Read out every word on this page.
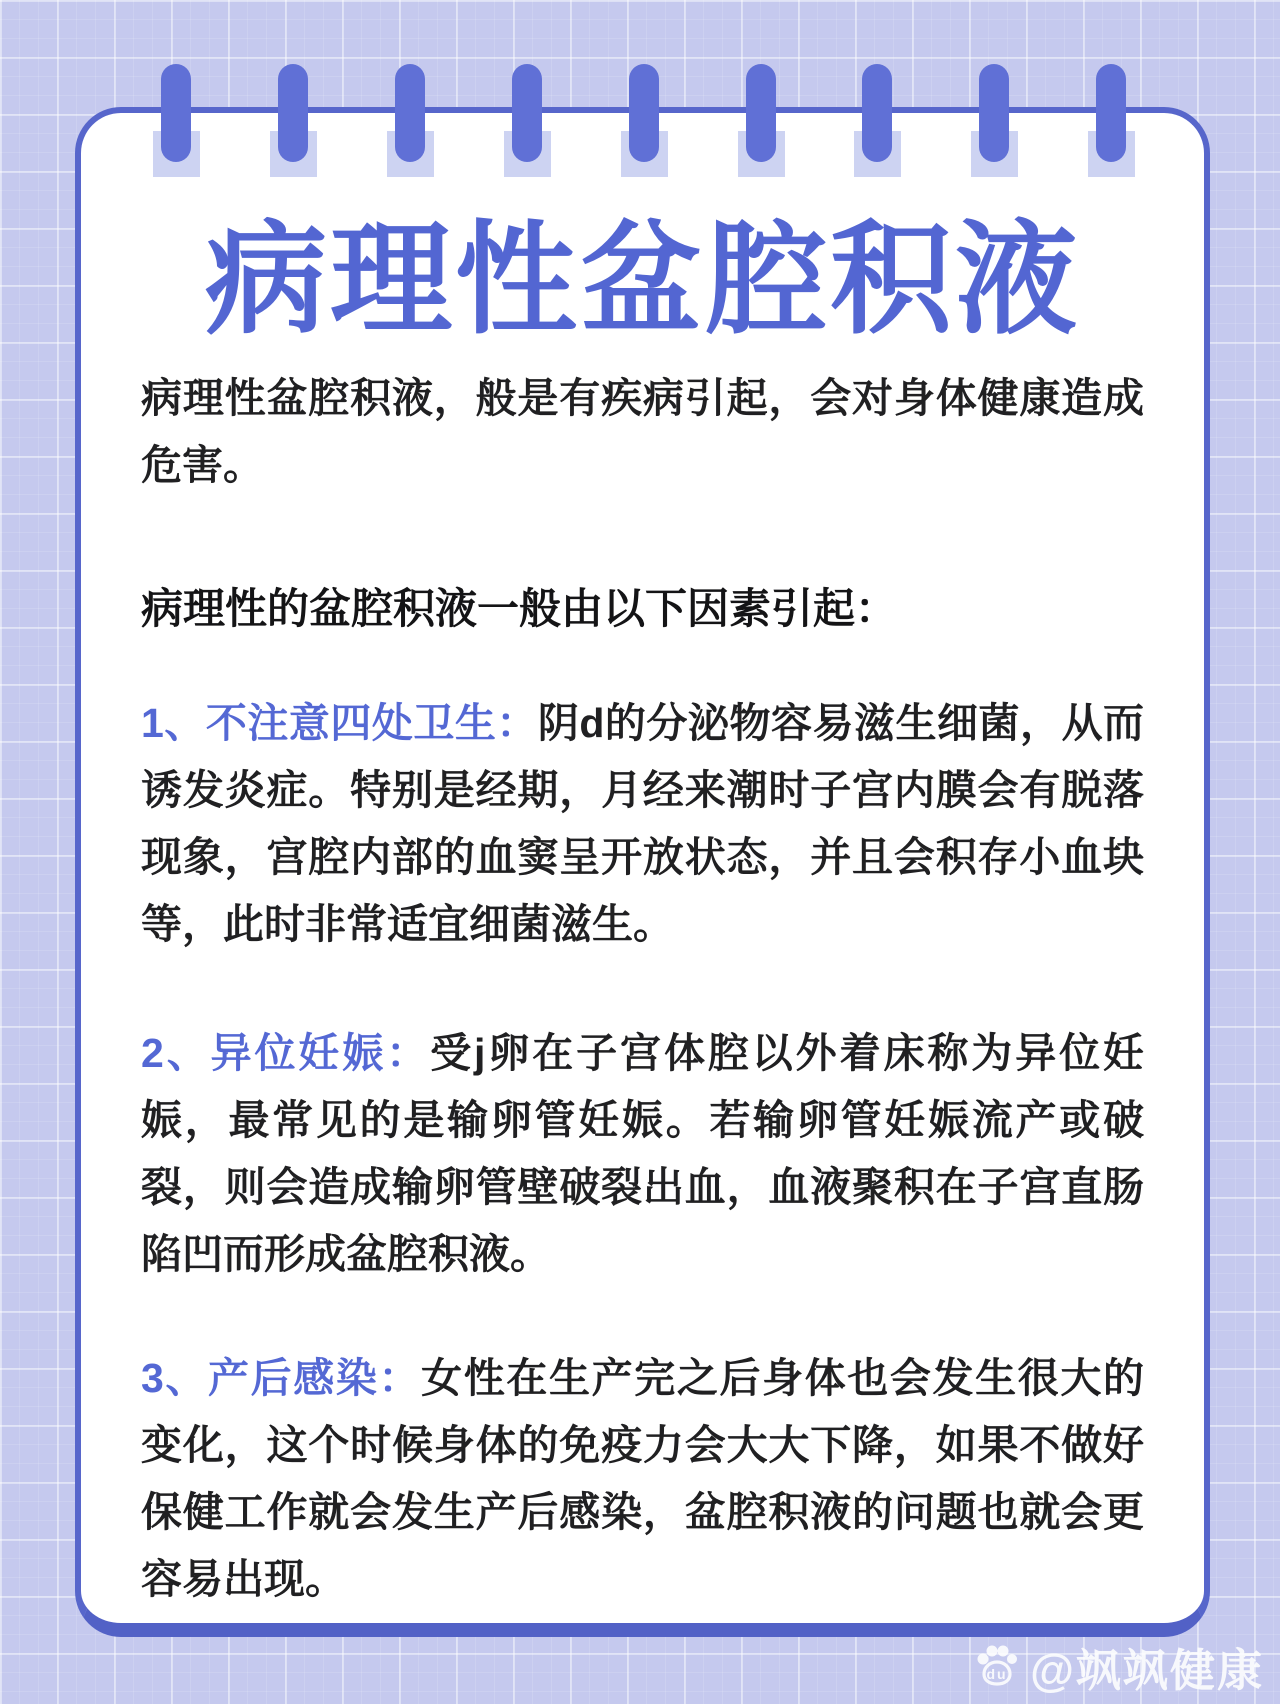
病理性盆腔积液

病理性盆腔积液，般是有疾病引起，会对身体健康造成危害。

病理性的盆腔积液一般由以下因素引起：

1、不注意四处卫生：阴d的分泌物容易滋生细菌，从而诱发炎症。特别是经期，月经来潮时子宫内膜会有脱落现象，宫腔内部的血窦呈开放状态，并且会积存小血块等，此时非常适宜细菌滋生。

2、异位妊娠：受j卵在子宫体腔以外着床称为异位妊娠，最常见的是输卵管妊娠。若输卵管妊娠流产或破裂，则会造成输卵管壁破裂出血，血液聚积在子宫直肠陷凹而形成盆腔积液。

3、产后感染：女性在生产完之后身体也会发生很大的变化，这个时候身体的免疫力会大大下降，如果不做好保健工作就会发生产后感染，盆腔积液的问题也就会更容易出现。

du @飒飒健康
